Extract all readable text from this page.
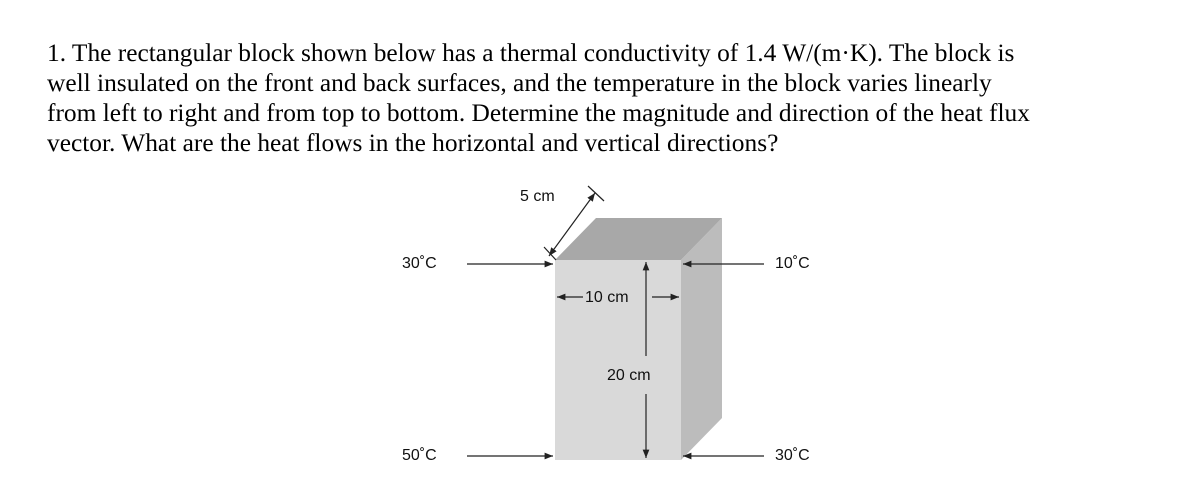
1. The rectangular block shown below has a thermal conductivity of 1.4 W/(m·K). The block is
well insulated on the front and back surfaces, and the temperature in the block varies linearly
from left to right and from top to bottom. Determine the magnitude and direction of the heat flux
vector. What are the heat flows in the horizontal and vertical directions?
5 cm
10 cm
20 cm
30˚C	10˚C
50˚C	30˚C
